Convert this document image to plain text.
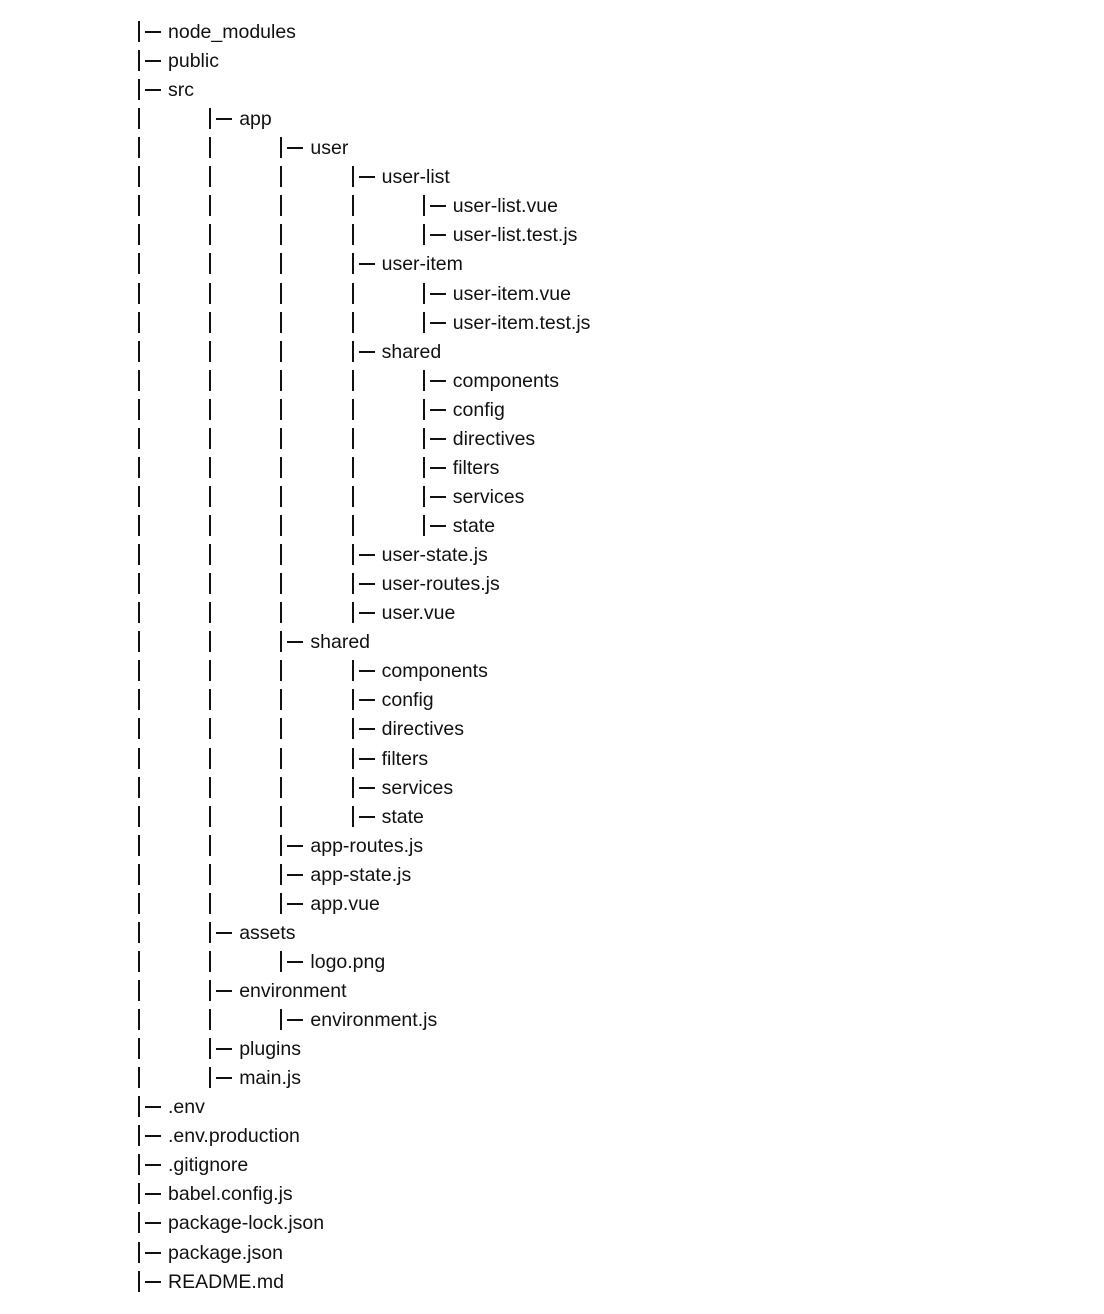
node_modules
public
src
app
user
user-list
user-list.vue
user-list.test.js
user-item
user-item.vue
user-item.test.js
shared
components
config
directives
filters
services
state
user-state.js
user-routes.js
user.vue
shared
components
config
directives
filters
services
state
app-routes.js
app-state.js
app.vue
assets
logo.png
environment
environment.js
plugins
main.js
.env
.env.production
.gitignore
babel.config.js
package-lock.json
package.json
README.md
